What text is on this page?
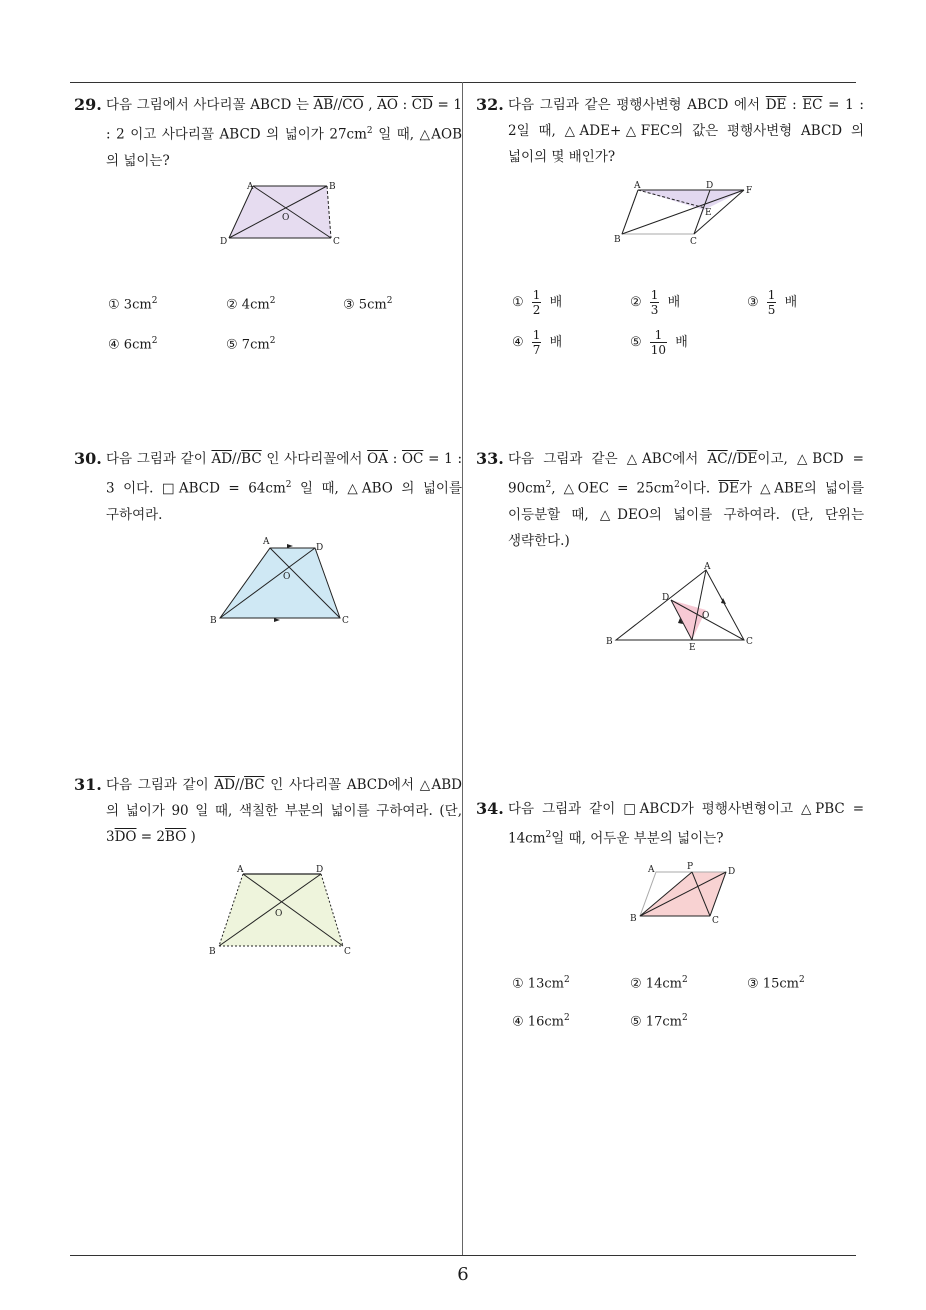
29. 다음 그림에서 사다리꼴 ABCD 는 $\overline{AB}//\overline{CO}$ , $\overline{AO}$ : $\overline{CD} = 1$ : 2 이고 사다리꼴 ABCD 의 넓이가 $27cm^2$ 일 때, △AOB 의 넓이는?
A	B
C
D
O
① $3cm^2$	② $4cm^2$	③ $5cm^2$
④ $6cm^2$	⑤ $7cm^2$
30. 다음 그림과 같이 $\overline{AD}//\overline{BC}$ 인 사다리꼴에서 $\overline{OA}$ : $\overline{OC} = 1$ : 3 이다. □ABCD = $64cm^2$ 일 때, △ABO 의 넓이를 구하여라.
A
D
B	C
O
31. 다음 그림과 같이 $\overline{AD}//\overline{BC}$ 인 사다리꼴 ABCD에서 △ABD 의 넓이가 90 일 때, 색칠한 부분의 넓이를 구하여라. (단, $3\overline{DO} = 2\overline{BO}$ )
A	D
B	C
O
32. 다음 그림과 같은 평행사변형 ABCD 에서 $\overline{DE}$ : $\overline{EC} = 1$ : 2일 때, △ADE+△FEC의 값은 평행사변형 ABCD 의 넓이의 몇 배인가?
A	D	F
E
B	C
① $\frac{1}{2}$ 배	② $\frac{1}{3}$ 배	③ $\frac{1}{5}$ 배
④ $\frac{1}{7}$ 배	⑤ $\frac{1}{10}$ 배
33. 다음 그림과 같은 △ABC에서 $\overline{AC}//\overline{DE}$이고, △BCD = $90cm^2$, △OEC = $25cm^2$이다. $\overline{DE}$가 △ABE의 넓이를 이등분할 때, △DEO의 넓이를 구하여라. (단, 단위는 생략한다.)
A
D
O
B
E
C
34. 다음 그림과 같이 □ABCD가 평행사변형이고 △PBC = $14cm^2$일 때, 어두운 부분의 넓이는?
A	P	D
B	C
① $13cm^2$	② $14cm^2$	③ $15cm^2$
④ $16cm^2$	⑤ $17cm^2$
6
